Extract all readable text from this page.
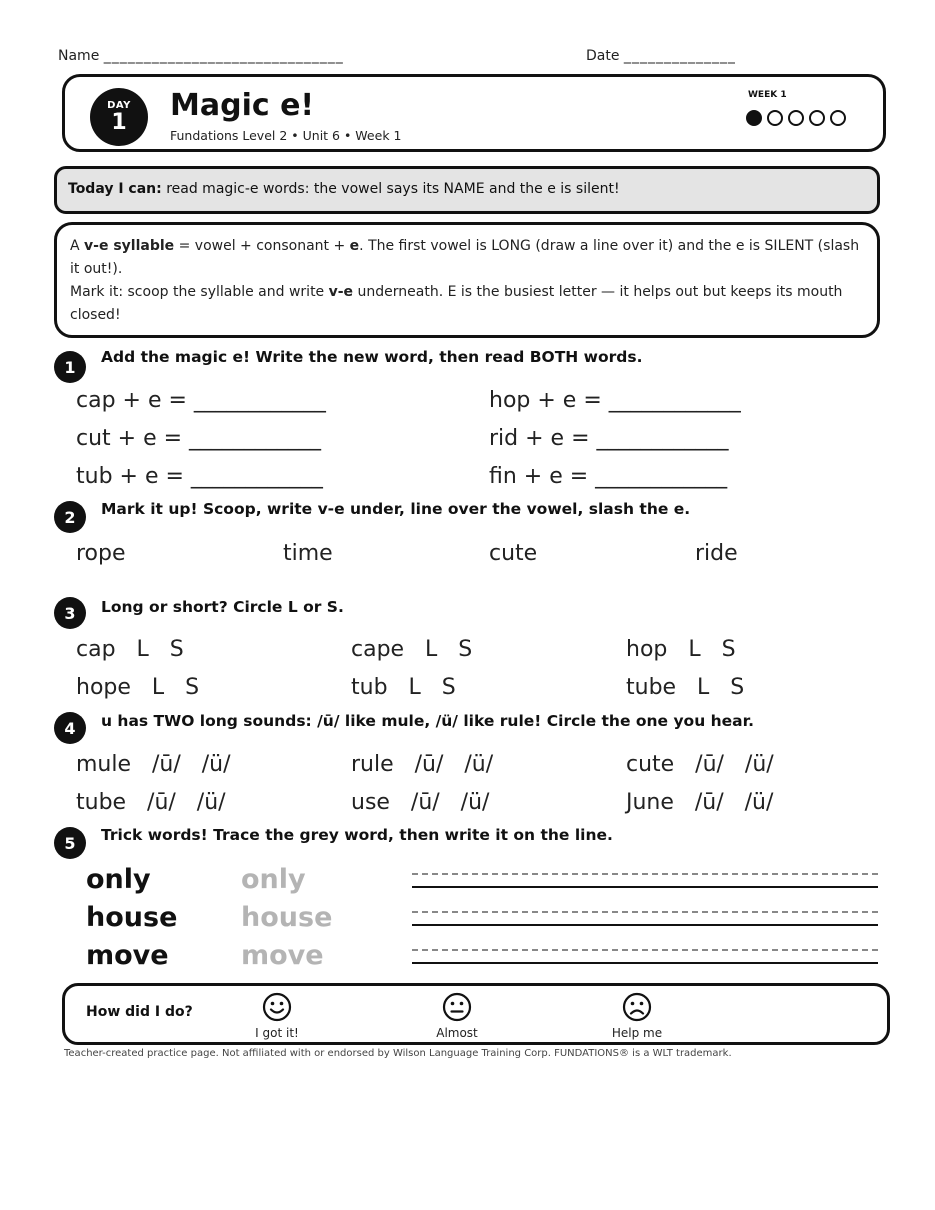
Name ______________________________	Date ______________
DAY
1 Magic e!
Fundations Level 2 • Unit 6 • Week 1
WEEK 1
Today I can: read magic-e words: the vowel says its NAME and the e is silent!
A v-e syllable = vowel + consonant + e. The first vowel is LONG (draw a line over it) and the e is SILENT (slash it out!).
Mark it: scoop the syllable and write v-e underneath. E is the busiest letter — it helps out but keeps its mouth closed!
1
Add the magic e! Write the new word, then read BOTH words.
cap + e = ____________	hop + e = ____________
cut + e = ____________	rid + e = ____________
tub + e = ____________	fin + e = ____________
2	Mark it up! Scoop, write v-e under, line over the vowel, slash the e.
rope	time	cute	ride
3	Long or short? Circle L or S.
cap   L   S	cape   L   S	hop   L   S
hope   L   S	tub   L   S	tube   L   S
4	u has TWO long sounds: /ū/ like mule, /ü/ like rule! Circle the one you hear.
mule   /ū/   /ü/	rule   /ū/   /ü/	cute   /ū/   /ü/
tube   /ū/   /ü/	use   /ū/   /ü/	June   /ū/   /ü/
5	Trick words! Trace the grey word, then write it on the line.
only	only
house house
move	move
How did I do?
I got it!	Almost	Help me
Teacher-created practice page. Not affiliated with or endorsed by Wilson Language Training Corp. FUNDATIONS® is a WLT trademark.
